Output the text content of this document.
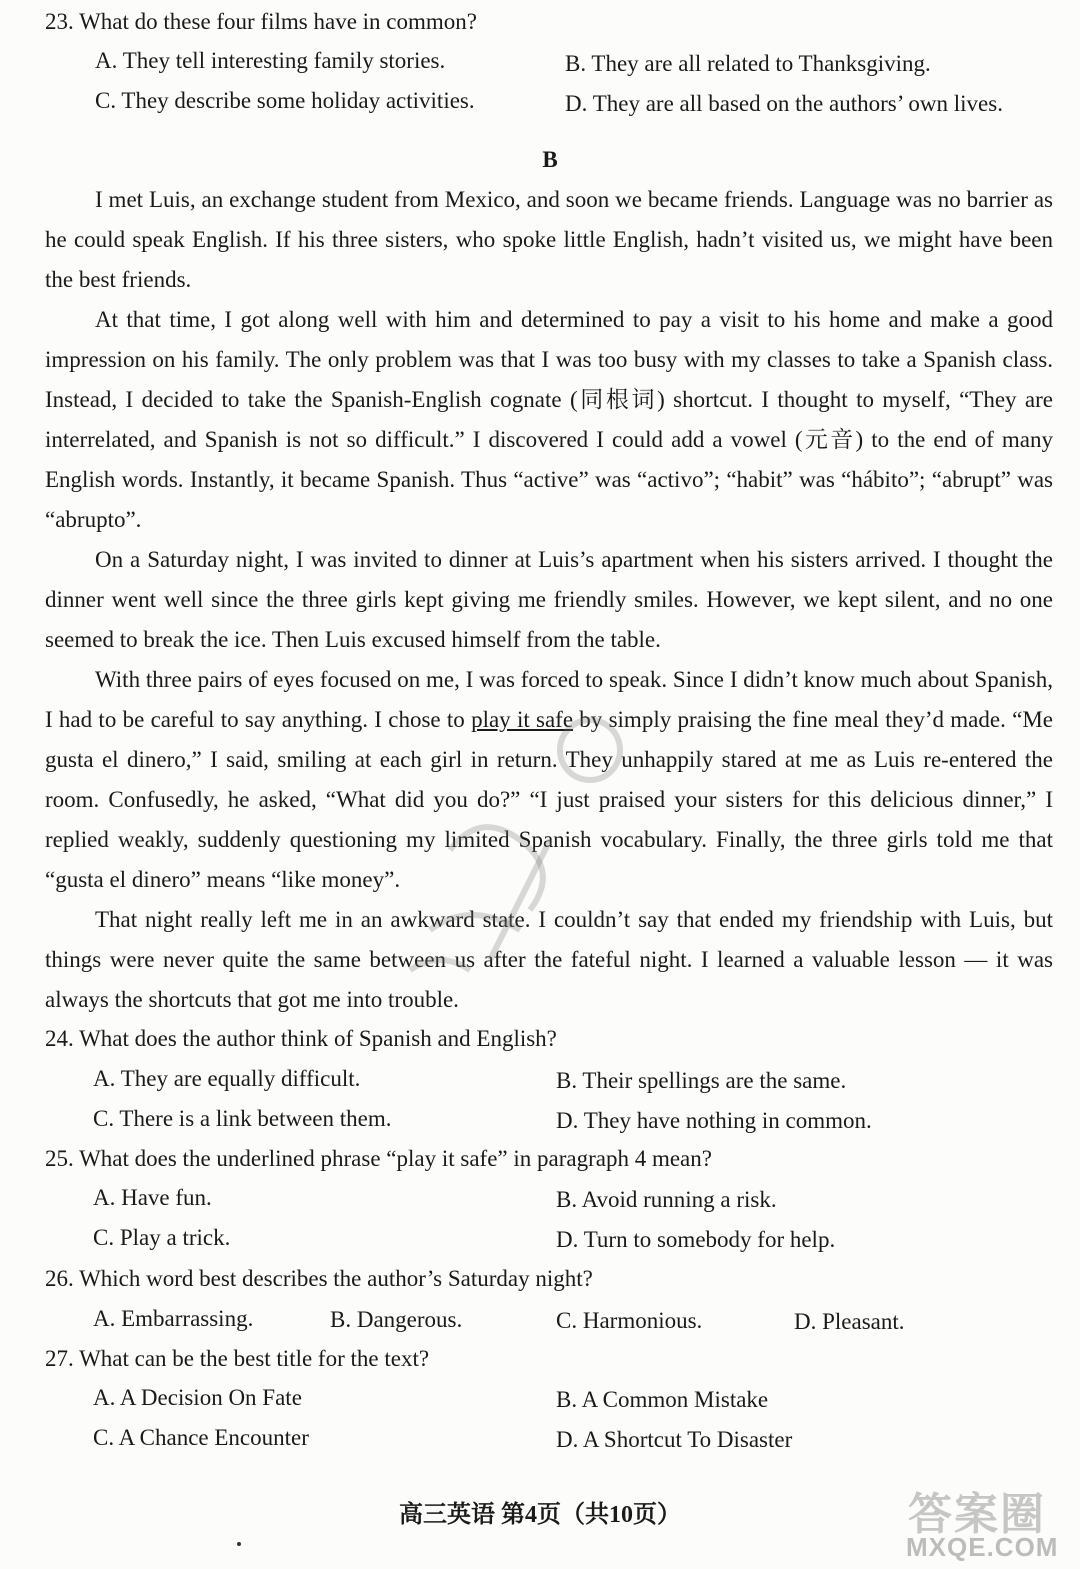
23. What do these four films have in common?
A. They tell interesting family stories.	B. They are all related to Thanksgiving.
C. They describe some holiday activities.	D. They are all based on the authors’ own lives.
B

I met Luis, an exchange student from Mexico, and soon we became friends. Language was no barrier as he could speak English. If his three sisters, who spoke little English, hadn’t visited us, we might have been the best friends.

At that time, I got along well with him and determined to pay a visit to his home and make a good impression on his family. The only problem was that I was too busy with my classes to take a Spanish class. Instead, I decided to take the Spanish-English cognate (同根词) shortcut. I thought to myself, “They are interrelated, and Spanish is not so difficult.” I discovered I could add a vowel (元音) to the end of many English words. Instantly, it became Spanish. Thus “active” was “activo”; “habit” was “hábito”; “abrupt” was “abrupto”.

On a Saturday night, I was invited to dinner at Luis’s apartment when his sisters arrived. I thought the dinner went well since the three girls kept giving me friendly smiles. However, we kept silent, and no one seemed to break the ice. Then Luis excused himself from the table.

With three pairs of eyes focused on me, I was forced to speak. Since I didn’t know much about Spanish, I had to be careful to say anything. I chose to play it safe by simply praising the fine meal they’d made. “Me gusta el dinero,” I said, smiling at each girl in return. They unhappily stared at me as Luis re-entered the room. Confusedly, he asked, “What did you do?” “I just praised your sisters for this delicious dinner,” I replied weakly, suddenly questioning my limited Spanish vocabulary. Finally, the three girls told me that “gusta el dinero” means “like money”.

That night really left me in an awkward state. I couldn’t say that ended my friendship with Luis, but things were never quite the same between us after the fateful night. I learned a valuable lesson — it was always the shortcuts that got me into trouble.

24. What does the author think of Spanish and English?
A. They are equally difficult.	B. Their spellings are the same.
C. There is a link between them.	D. They have nothing in common.
25. What does the underlined phrase “play it safe” in paragraph 4 mean?
A. Have fun.	B. Avoid running a risk.
C. Play a trick.	D. Turn to somebody for help.
26. Which word best describes the author’s Saturday night?
A. Embarrassing.	B. Dangerous.	C. Harmonious.	D. Pleasant.
27. What can be the best title for the text?
A. A Decision On Fate	B. A Common Mistake
C. A Chance Encounter	D. A Shortcut To Disaster
高三英语 第4页（共10页）	答案圈
MXQE.COM
